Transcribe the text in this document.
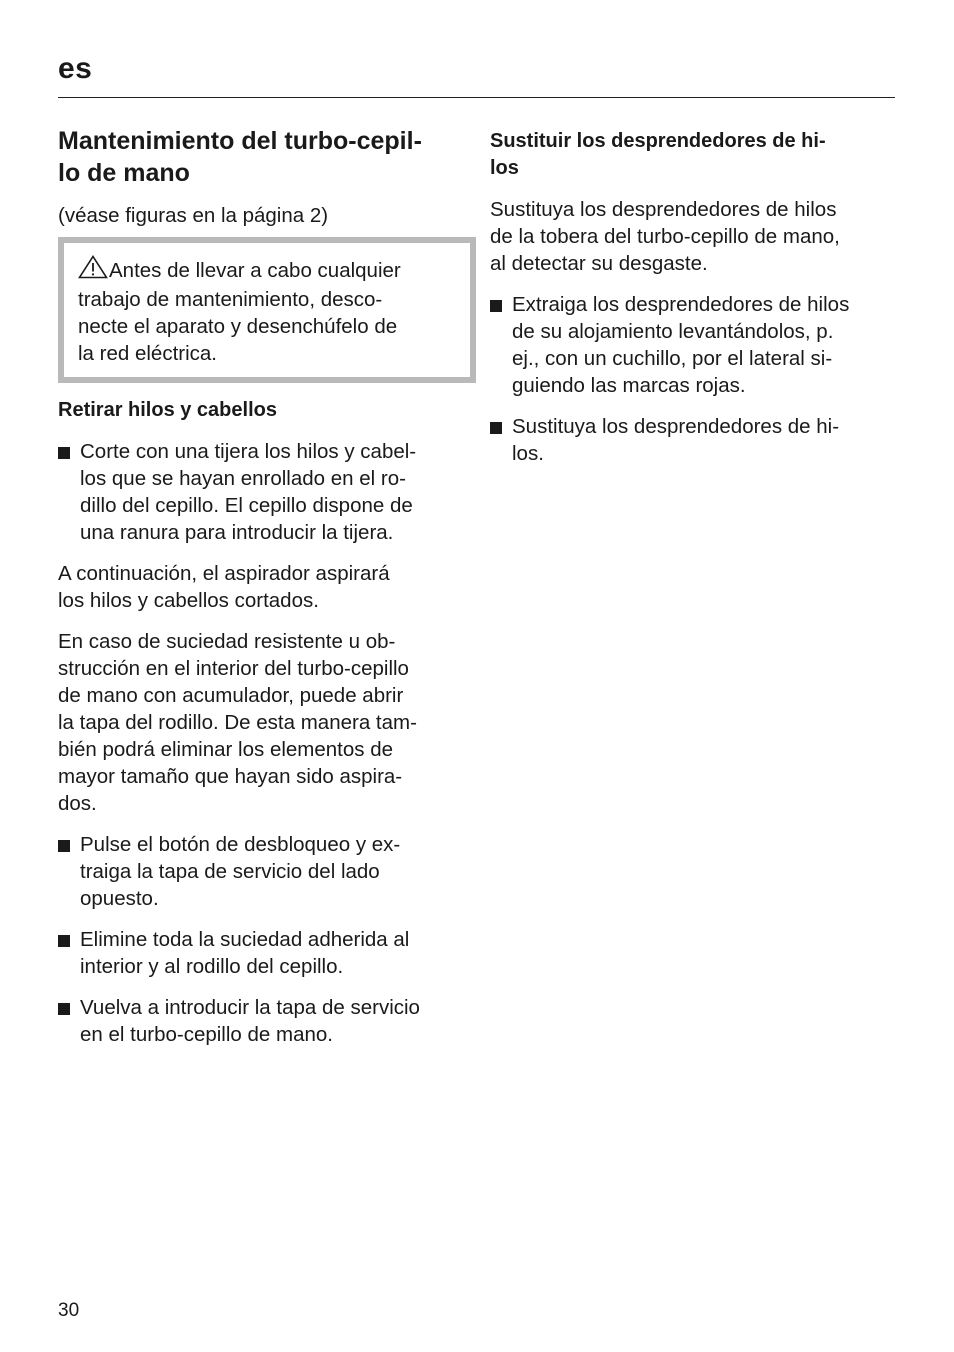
es
Mantenimiento del turbo-cepil-
lo de mano

(véase figuras en la página 2)

Antes de llevar a cabo cualquier
trabajo de mantenimiento, desco-
necte el aparato y desenchúfelo de
la red eléctrica.
Retirar hilos y cabellos
Corte con una tijera los hilos y cabel-
los que se hayan enrollado en el ro-
dillo del cepillo. El cepillo dispone de
una ranura para introducir la tijera.
A continuación, el aspirador aspirará
los hilos y cabellos cortados.
En caso de suciedad resistente u ob-
strucción en el interior del turbo-cepillo
de mano con acumulador, puede abrir
la tapa del rodillo. De esta manera tam-
bién podrá eliminar los elementos de
mayor tamaño que hayan sido aspira-
dos.
Pulse el botón de desbloqueo y ex-
traiga la tapa de servicio del lado
opuesto.
Elimine toda la suciedad adherida al
interior y al rodillo del cepillo.
Vuelva a introducir la tapa de servicio
en el turbo-cepillo de mano.
Sustituir los desprendedores de hi-
los
Sustituya los desprendedores de hilos
de la tobera del turbo-cepillo de mano,
al detectar su desgaste.
Extraiga los desprendedores de hilos
de su alojamiento levantándolos, p.
ej., con un cuchillo, por el lateral si-
guiendo las marcas rojas.
Sustituya los desprendedores de hi-
los.
30
